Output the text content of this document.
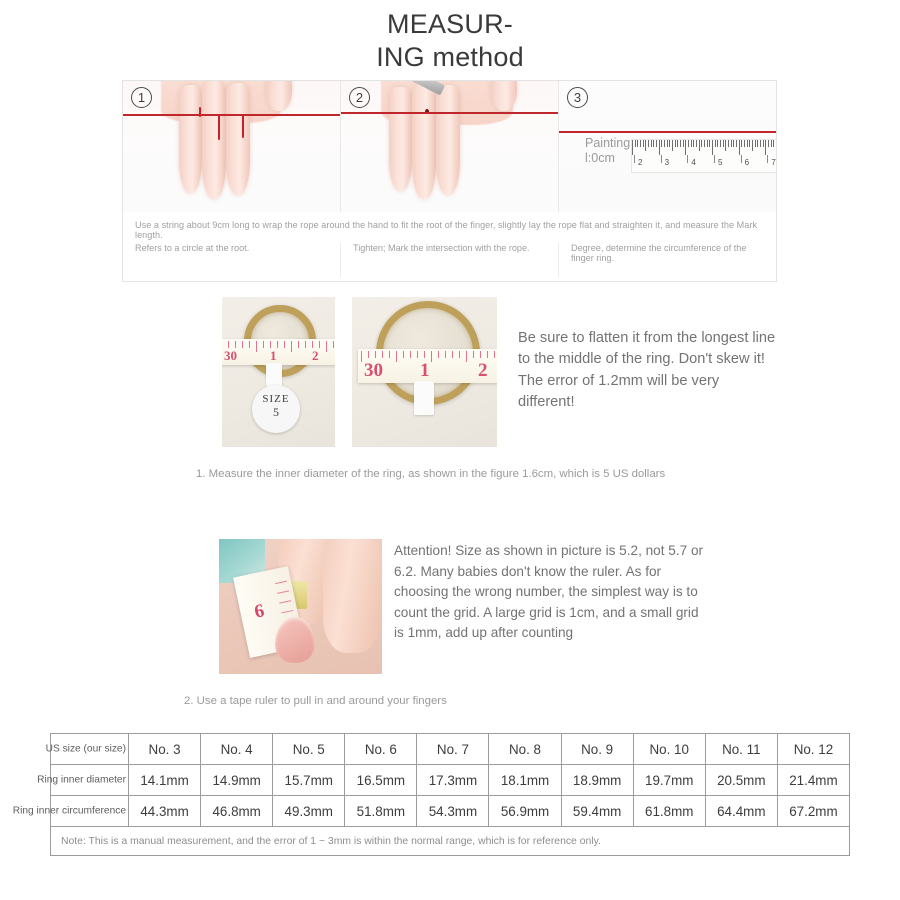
MEASUR-
ING method
1	2
Painting
l:0cm	2	3	4	5	6	7
3
Use a string about 9cm long to wrap the rope around the hand to fit the root of the finger, slightly lay the rope flat and straighten it, and measure the Mark length.
Refers to a circle at the root.	Tighten; Mark the intersection with the rope.	Degree, determine the circumference of the finger ring.
30	1	2
SIZE
5
30 1	2
Be sure to flatten it from the longest line to the middle of the ring. Don't skew it! The error of 1.2mm will be very different!
1. Measure the inner diameter of the ring, as shown in the figure 1.6cm, which is 5 US dollars
6
Attention! Size as shown in picture is 5.2, not 5.7 or 6.2. Many babies don't know the ruler. As for choosing the wrong number, the simplest way is to count the grid. A large grid is 1cm, and a small grid is 1mm, add up after counting
2. Use a tape ruler to pull in and around your fingers
US size (our size)	No. 3	No. 4	No. 5	No. 6	No. 7	No. 8	No. 9	No. 10	No. 11	No. 12

Ring inner diameter	14.1mm	14.9mm	15.7mm	16.5mm	17.3mm	18.1mm	18.9mm	19.7mm	20.5mm	21.4mm

Ring inner circumference	44.3mm	46.8mm	49.3mm	51.8mm	54.3mm	56.9mm	59.4mm	61.8mm	64.4mm	67.2mm
Note: This is a manual measurement, and the error of 1 ~ 3mm is within the normal range, which is for reference only.										
